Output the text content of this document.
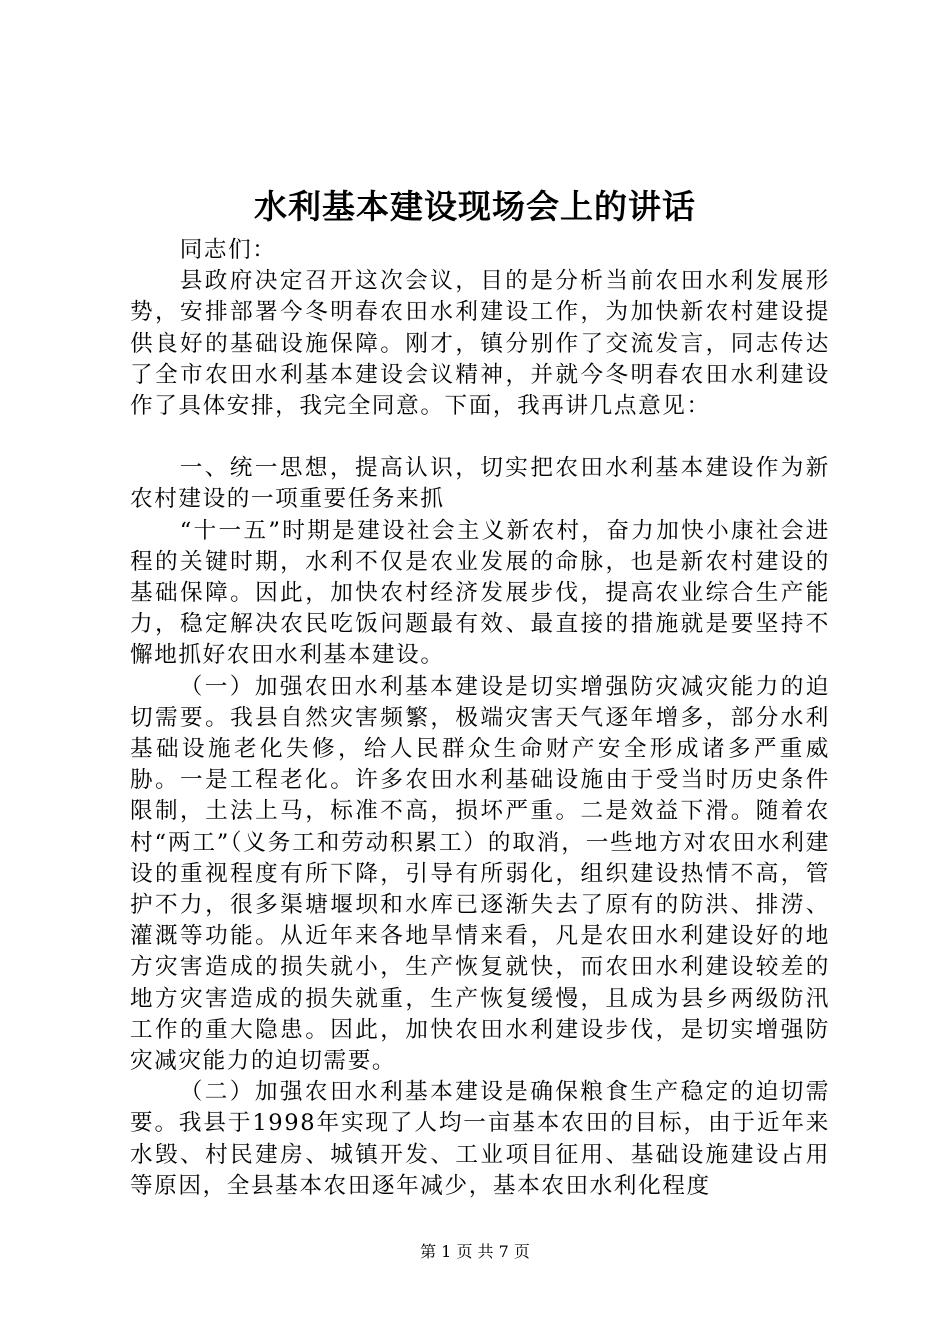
水利基本建设现场会上的讲话

同志们：

县政府决定召开这次会议，目的是分析当前农田水利发展形势，安排部署今冬明春农田水利建设工作，为加快新农村建设提供良好的基础设施保障。刚才，镇分别作了交流发言，同志传达了全市农田水利基本建设会议精神，并就今冬明春农田水利建设作了具体安排，我完全同意。下面，我再讲几点意见：

一、统一思想，提高认识，切实把农田水利基本建设作为新农村建设的一项重要任务来抓

“十一五”时期是建设社会主义新农村，奋力加快小康社会进程的关键时期，水利不仅是农业发展的命脉，也是新农村建设的基础保障。因此，加快农村经济发展步伐，提高农业综合生产能力，稳定解决农民吃饭问题最有效、最直接的措施就是要坚持不懈地抓好农田水利基本建设。

（一）加强农田水利基本建设是切实增强防灾减灾能力的迫切需要。我县自然灾害频繁，极端灾害天气逐年增多，部分水利基础设施老化失修，给人民群众生命财产安全形成诸多严重威胁。一是工程老化。许多农田水利基础设施由于受当时历史条件限制，土法上马，标准不高，损坏严重。二是效益下滑。随着农村“两工”（义务工和劳动积累工）的取消，一些地方对农田水利建设的重视程度有所下降，引导有所弱化，组织建设热情不高，管护不力，很多渠塘堰坝和水库已逐渐失去了原有的防洪、排涝、灌溉等功能。从近年来各地旱情来看，凡是农田水利建设好的地方灾害造成的损失就小，生产恢复就快，而农田水利建设较差的地方灾害造成的损失就重，生产恢复缓慢，且成为县乡两级防汛工作的重大隐患。因此，加快农田水利建设步伐，是切实增强防灾减灾能力的迫切需要。

（二）加强农田水利基本建设是确保粮食生产稳定的迫切需要。我县于1998年实现了人均一亩基本农田的目标，由于近年来水毁、村民建房、城镇开发、工业项目征用、基础设施建设占用等原因，全县基本农田逐年减少，基本农田水利化程度

第 1 页 共 7 页
